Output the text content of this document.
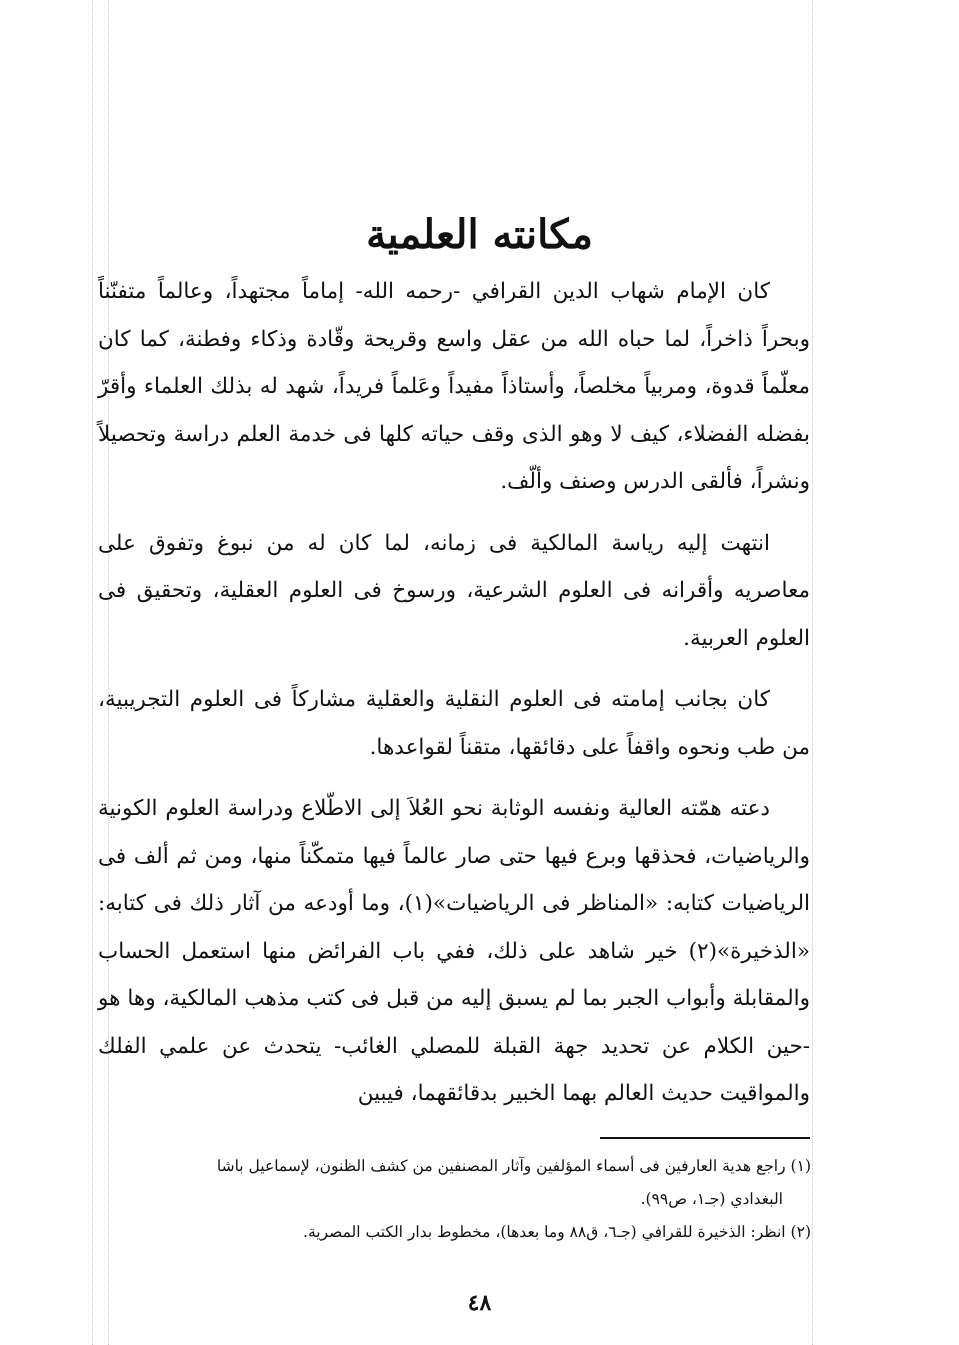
مكانته العلمية

كان الإمام شهاب الدين القرافي -رحمه الله- إماماً مجتهداً، وعالماً متفنّناً وبحراً ذاخراً، لما حباه الله من عقل واسع وقريحة وقّادة وذكاء وفطنة، كما كان معلّماً قدوة، ومربياً مخلصاً، وأستاذاً مفيداً وعَلماً فريداً، شهد له بذلك العلماء وأقرّ بفضله الفضلاء، كيف لا وهو الذى وقف حياته كلها فى خدمة العلم دراسة وتحصيلاً ونشراً، فألقى الدرس وصنف وألّف.

انتهت إليه رياسة المالكية فى زمانه، لما كان له من نبوغ وتفوق على معاصريه وأقرانه فى العلوم الشرعية، ورسوخ فى العلوم العقلية، وتحقيق فى العلوم العربية.

كان بجانب إمامته فى العلوم النقلية والعقلية مشاركاً فى العلوم التجريبية، من طب ونحوه واقفاً على دقائقها، متقناً لقواعدها.

دعته همّته العالية ونفسه الوثابة نحو العُلاَ إلى الاطّلاع ودراسة العلوم الكونية والرياضيات، فحذقها وبرع فيها حتى صار عالماً فيها متمكّناً منها، ومن ثم ألف فى الرياضيات كتابه: «المناظر فى الرياضيات»(١)، وما أودعه من آثار ذلك فى كتابه: «الذخيرة»(٢) خير شاهد على ذلك، ففي باب الفرائض منها استعمل الحساب والمقابلة وأبواب الجبر بما لم يسبق إليه من قبل فى كتب مذهب المالكية، وها هو -حين الكلام عن تحديد جهة القبلة للمصلي الغائب- يتحدث عن علمي الفلك والمواقيت حديث العالم بهما الخبير بدقائقهما، فيبين

(١) راجع هدية العارفين فى أسماء المؤلفين وآثار المصنفين من كشف الظنون، لإسماعيل باشا
البغدادي (جـ١، ص٩٩).

(٢) انظر: الذخيرة للقرافي (جـ٦، ق٨٨ وما بعدها)، مخطوط بدار الكتب المصرية.

٤٨
